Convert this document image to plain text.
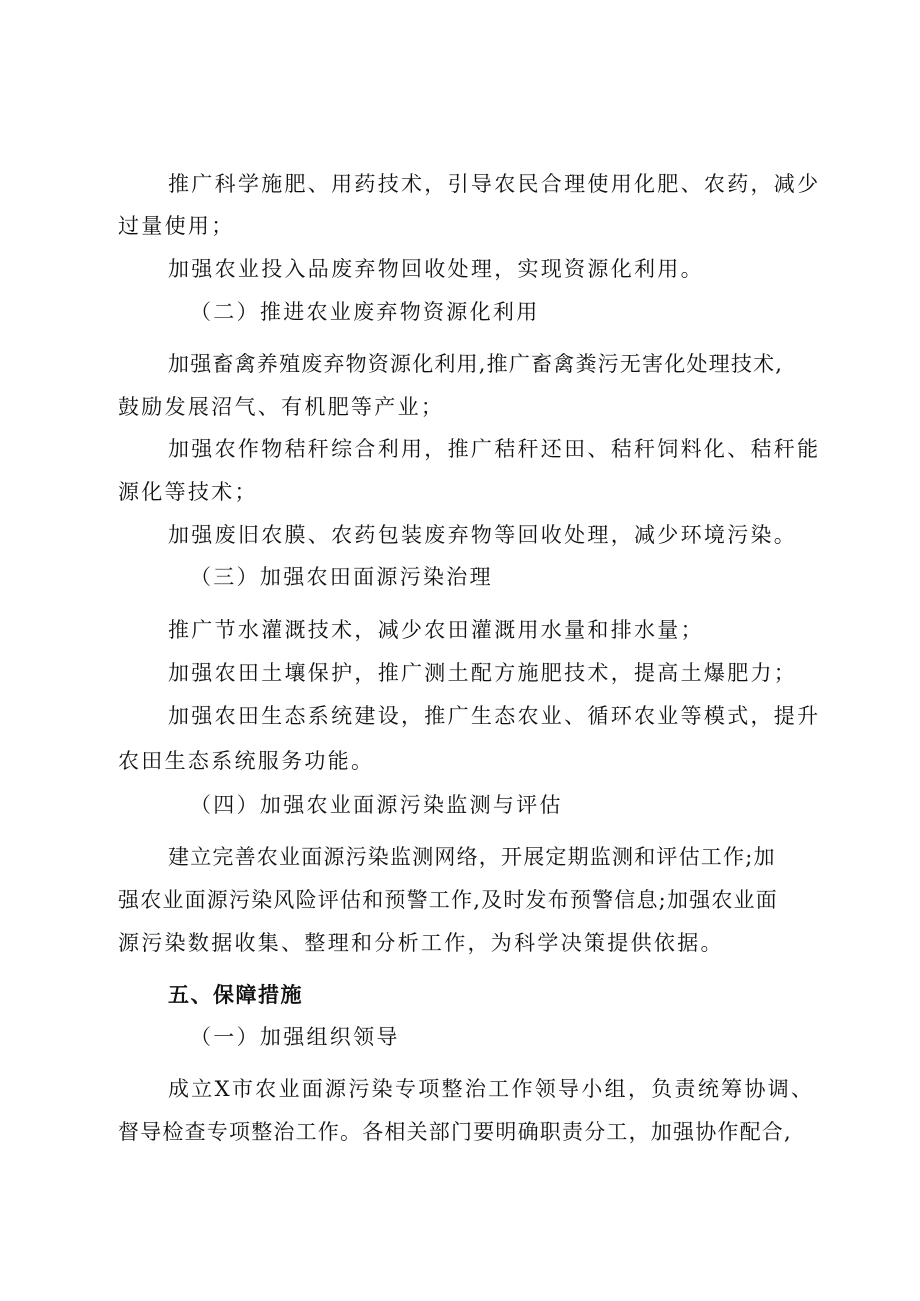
推广科学施肥、用药技术，引导农民合理使用化肥、农药，减少
过量使用；
加强农业投入品废弃物回收处理，实现资源化利用。
（二）推进农业废弃物资源化利用
加强畜禽养殖废弃物资源化利用,推广畜禽粪污无害化处理技术,
鼓励发展沼气、有机肥等产业；
加强农作物秸秆综合利用，推广秸秆还田、秸秆饲料化、秸秆能
源化等技术；
加强废旧农膜、农药包装废弃物等回收处理，减少环境污染。
（三）加强农田面源污染治理
推广节水灌溉技术，减少农田灌溉用水量和排水量；
加强农田土壤保护，推广测土配方施肥技术，提高土爆肥力；
加强农田生态系统建设，推广生态农业、循环农业等模式，提升
农田生态系统服务功能。
（四）加强农业面源污染监测与评估
建立完善农业面源污染监测网络，开展定期监测和评估工作;加
强农业面源污染风险评估和预警工作,及时发布预警信息;加强农业面
源污染数据收集、整理和分析工作，为科学决策提供依据。
五、保障措施
（一）加强组织领导
成立X市农业面源污染专项整治工作领导小组，负责统筹协调、
督导检查专项整治工作。各相关部门要明确职责分工，加强协作配合,
